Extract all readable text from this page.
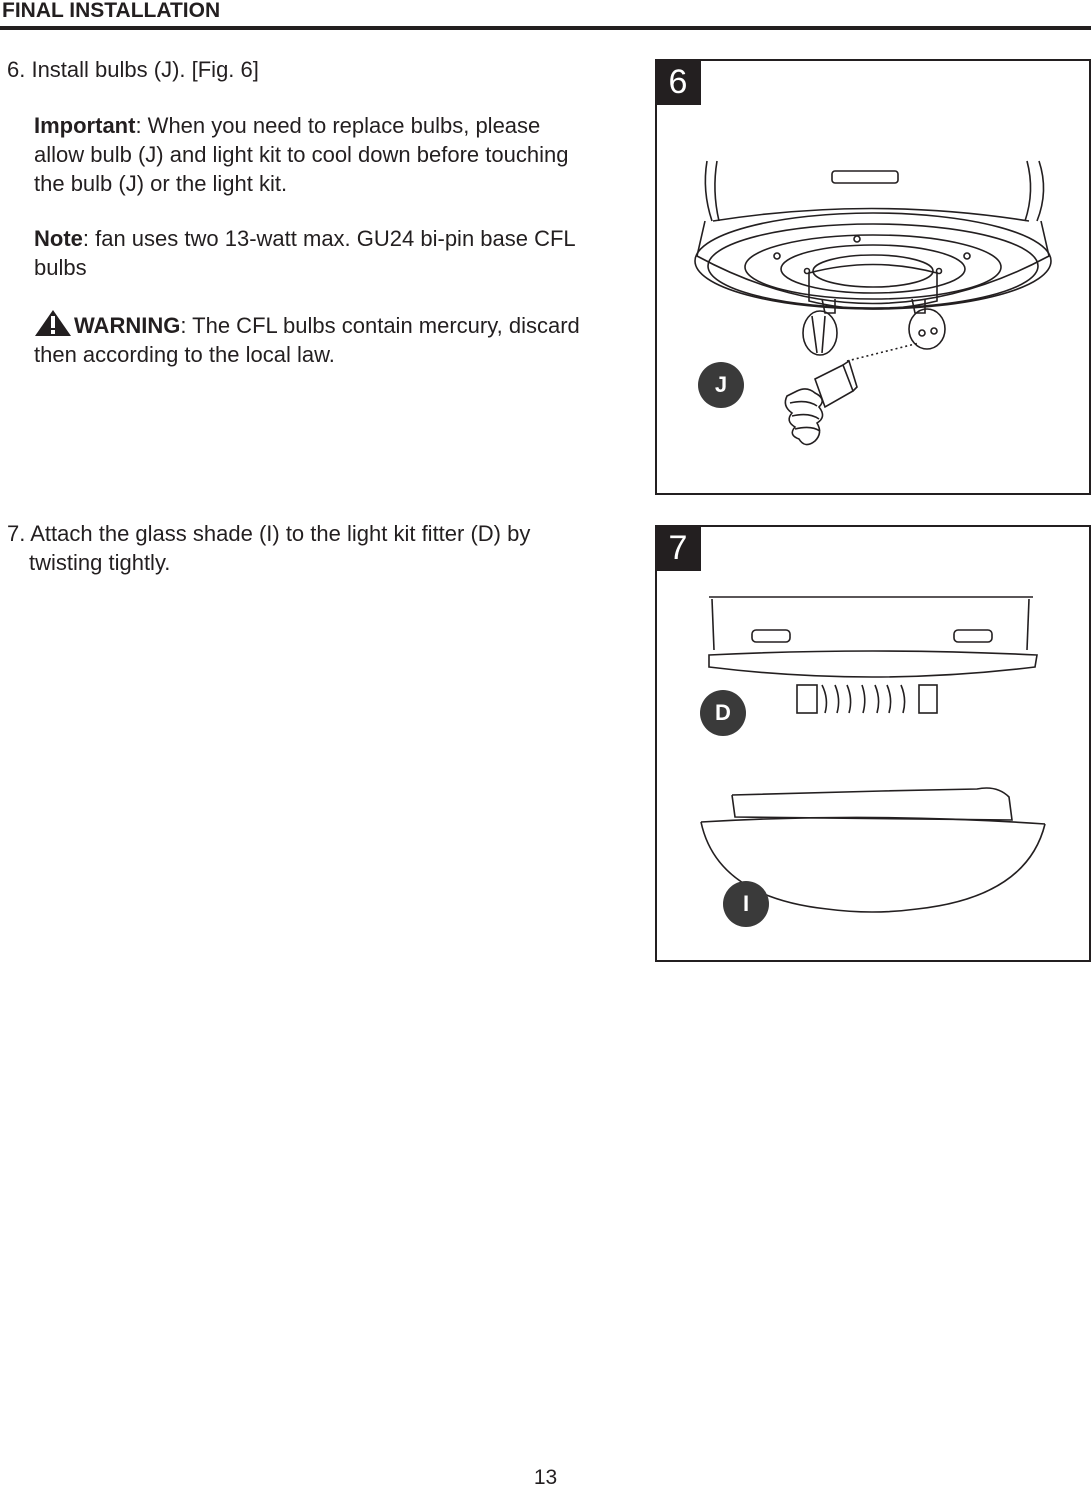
FINAL INSTALLATION
6. Install bulbs (J). [Fig. 6]
Important: When you need to replace bulbs, please
allow bulb (J) and light kit to cool down before touching
the bulb (J) or the light kit.
Note: fan uses two 13-watt max. GU24 bi-pin base CFL
bulbs
WARNING: The CFL bulbs contain mercury, discard
then according to the local law.
7. Attach the glass shade (I) to the light kit fitter (D) by
twisting tightly.
6
J
7
D
I
13
